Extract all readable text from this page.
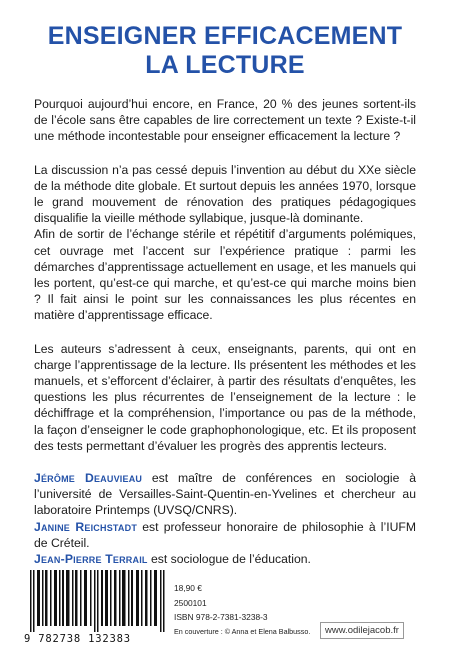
ENSEIGNER EFFICACEMENT
LA LECTURE

Pourquoi aujourd’hui encore, en France, 20 % des jeunes sortent-ils de l’école sans être capables de lire correctement un texte ? Existe-t-il une méthode incontestable pour enseigner efficacement la lecture ?

La discussion n’a pas cessé depuis l’invention au début du XXe siècle de la méthode dite globale. Et surtout depuis les années 1970, lorsque le grand mouvement de rénovation des pratiques pédagogiques disqualifie la vieille méthode syllabique, jusque-là dominante.

Afin de sortir de l’échange stérile et répétitif d’arguments polémiques, cet ouvrage met l’accent sur l’expérience pratique : parmi les démarches d’apprentissage actuellement en usage, et les manuels qui les portent, qu’est-ce qui marche, et qu’est-ce qui marche moins bien ? Il fait ainsi le point sur les connaissances les plus récentes en matière d’apprentissage efficace.

Les auteurs s’adressent à ceux, enseignants, parents, qui ont en charge l’apprentissage de la lecture. Ils présentent les méthodes et les manuels, et s’efforcent d’éclairer, à partir des résultats d’enquêtes, les questions les plus récurrentes de l’enseignement de la lecture : le déchiffrage et la compréhension, l’importance ou pas de la méthode, la façon d’enseigner le code graphophonologique, etc. Et ils proposent des tests permettant d’évaluer les progrès des apprentis lecteurs.

Jérôme Deauvieau est maître de conférences en sociologie à l’université de Versailles-Saint-Quentin-en-Yvelines et chercheur au laboratoire Printemps (UVSQ/CNRS).

Janine Reichstadt est professeur honoraire de philosophie à l’IUFM de Créteil.

Jean-Pierre Terrail est sociologue de l’éducation.

9 782738 132383

18,90 €

2500101

ISBN 978-2-7381-3238-3

En couverture : © Anna et Elena Balbusso.	www.odilejacob.fr
